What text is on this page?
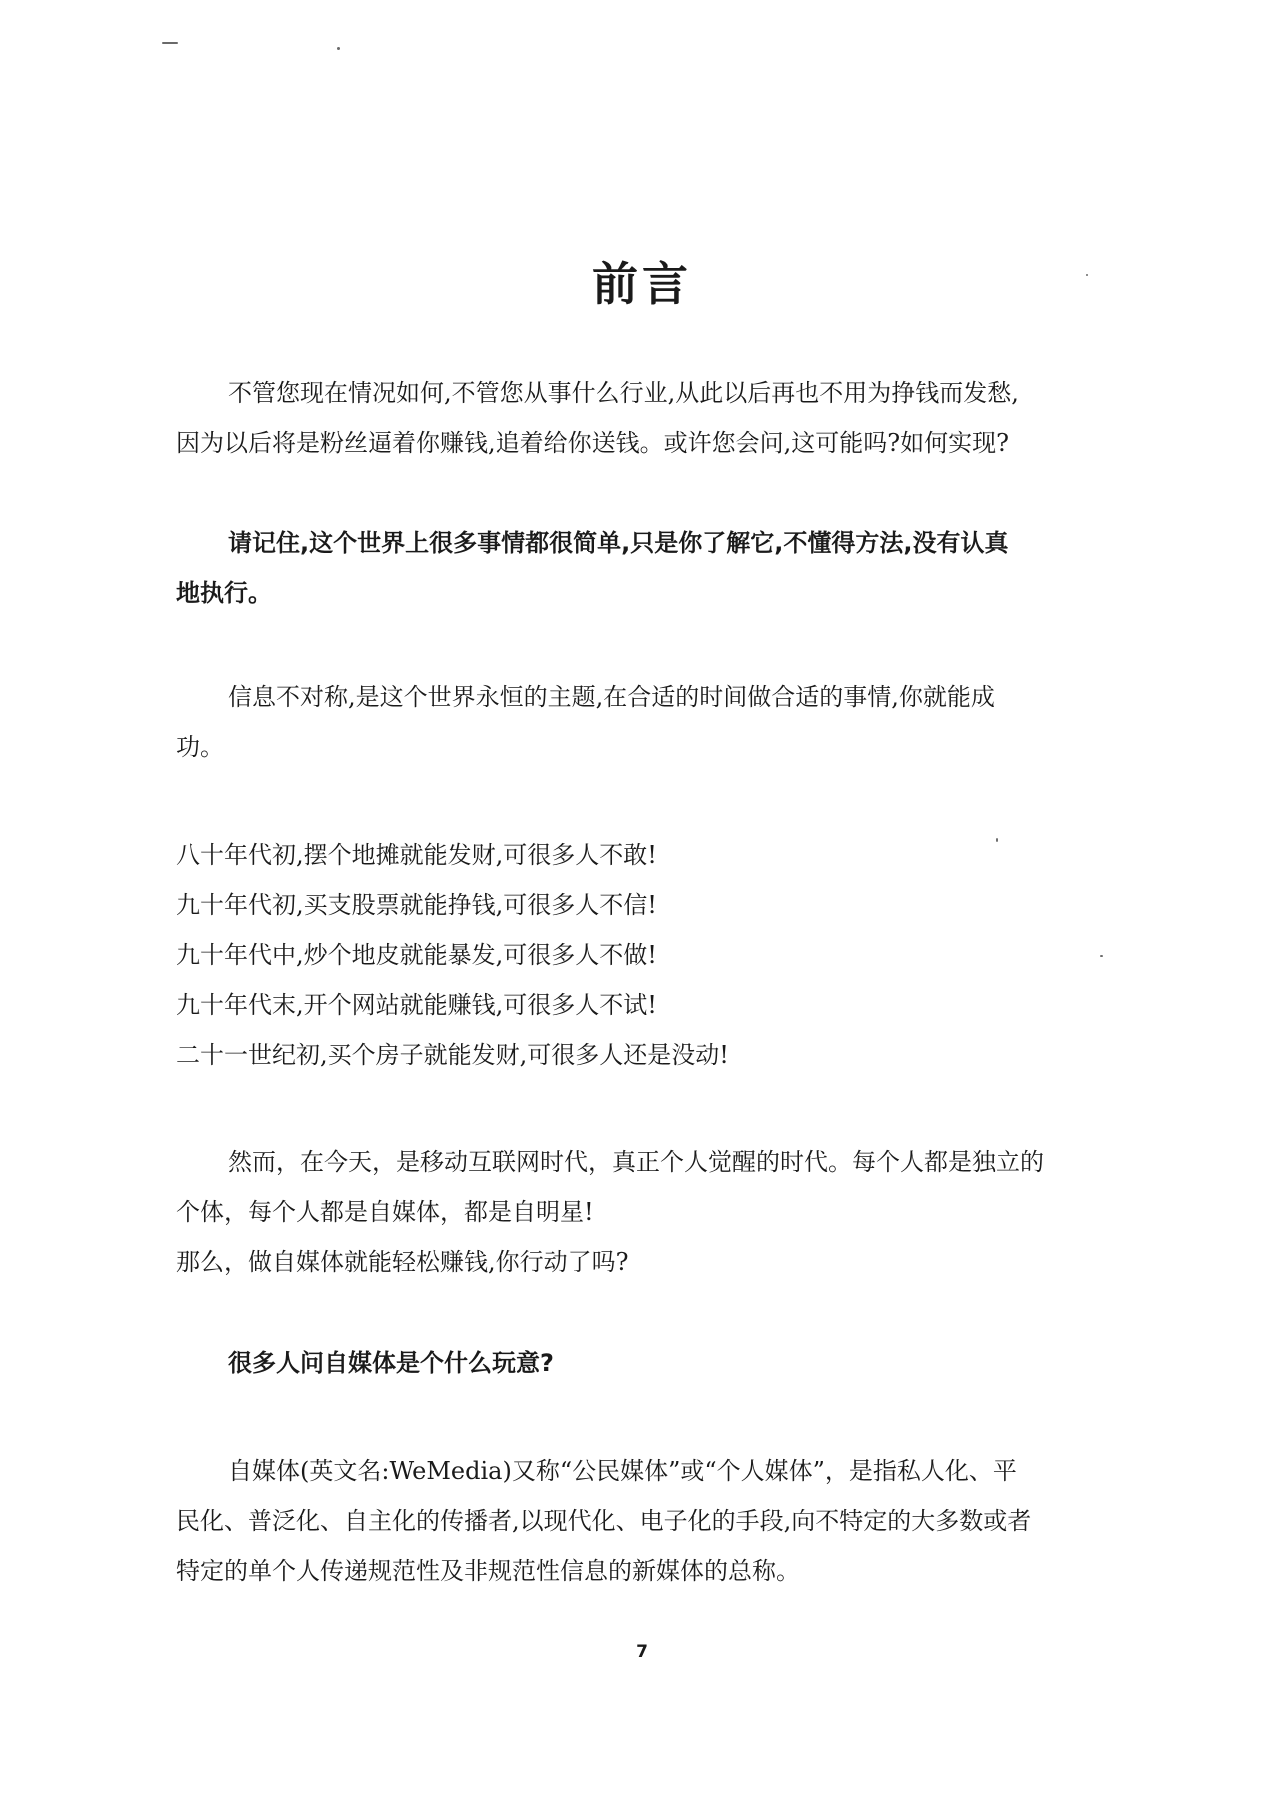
前言
不管您现在情况如何,不管您从事什么行业,从此以后再也不用为挣钱而发愁,
因为以后将是粉丝逼着你赚钱,追着给你送钱。或许您会问,这可能吗?如何实现?
请记住,这个世界上很多事情都很简单,只是你了解它,不懂得方法,没有认真
地执行。
信息不对称,是这个世界永恒的主题,在合适的时间做合适的事情,你就能成
功。
八十年代初,摆个地摊就能发财,可很多人不敢!
九十年代初,买支股票就能挣钱,可很多人不信!
九十年代中,炒个地皮就能暴发,可很多人不做!
九十年代末,开个网站就能赚钱,可很多人不试!
二十一世纪初,买个房子就能发财,可很多人还是没动!
然而，在今天，是移动互联网时代，真正个人觉醒的时代。每个人都是独立的
个体，每个人都是自媒体，都是自明星!
那么，做自媒体就能轻松赚钱,你行动了吗?
很多人问自媒体是个什么玩意?
自媒体(英文名:WeMedia)又称“公民媒体”或“个人媒体”，是指私人化、平
民化、普泛化、自主化的传播者,以现代化、电子化的手段,向不特定的大多数或者
特定的单个人传递规范性及非规范性信息的新媒体的总称。
7
